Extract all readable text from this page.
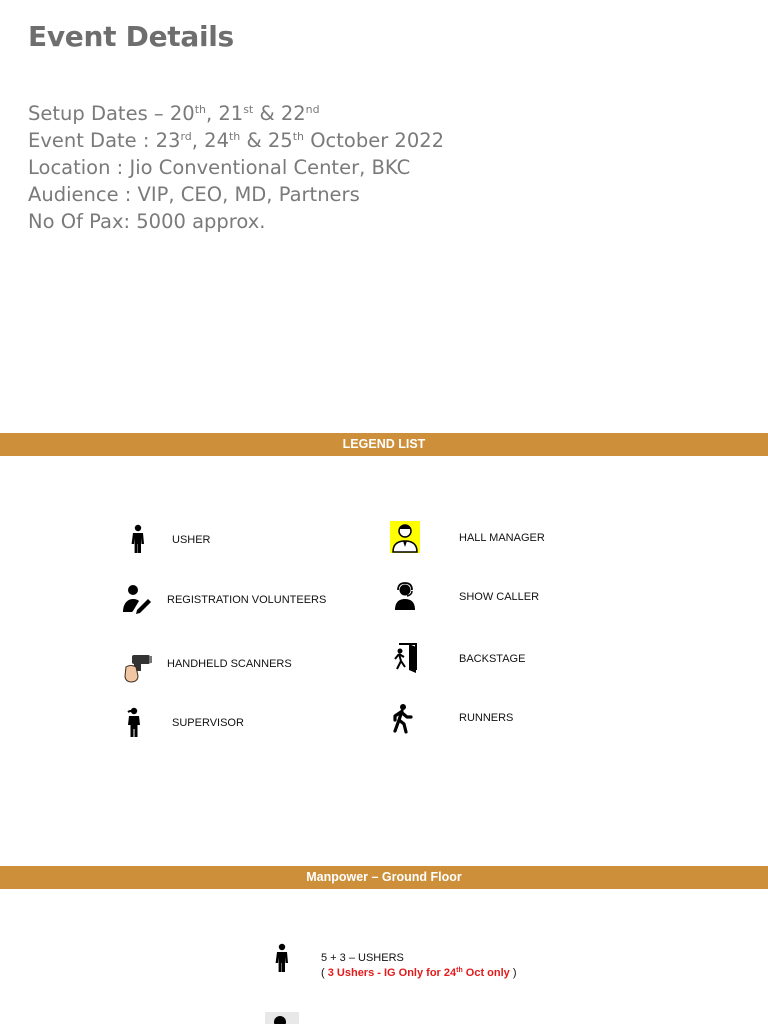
Event Details
Setup Dates – 20th, 21st & 22nd
Event Date : 23rd, 24th & 25th October 2022
Location : Jio Conventional Center, BKC
Audience : VIP, CEO, MD, Partners
No Of Pax: 5000 approx.
LEGEND LIST
USHER
REGISTRATION VOLUNTEERS
HANDHELD SCANNERS
SUPERVISOR
HALL MANAGER
SHOW CALLER
BACKSTAGE
RUNNERS
Manpower – Ground Floor
5 + 3 – USHERS
( 3 Ushers - IG Only for 24th Oct only )
